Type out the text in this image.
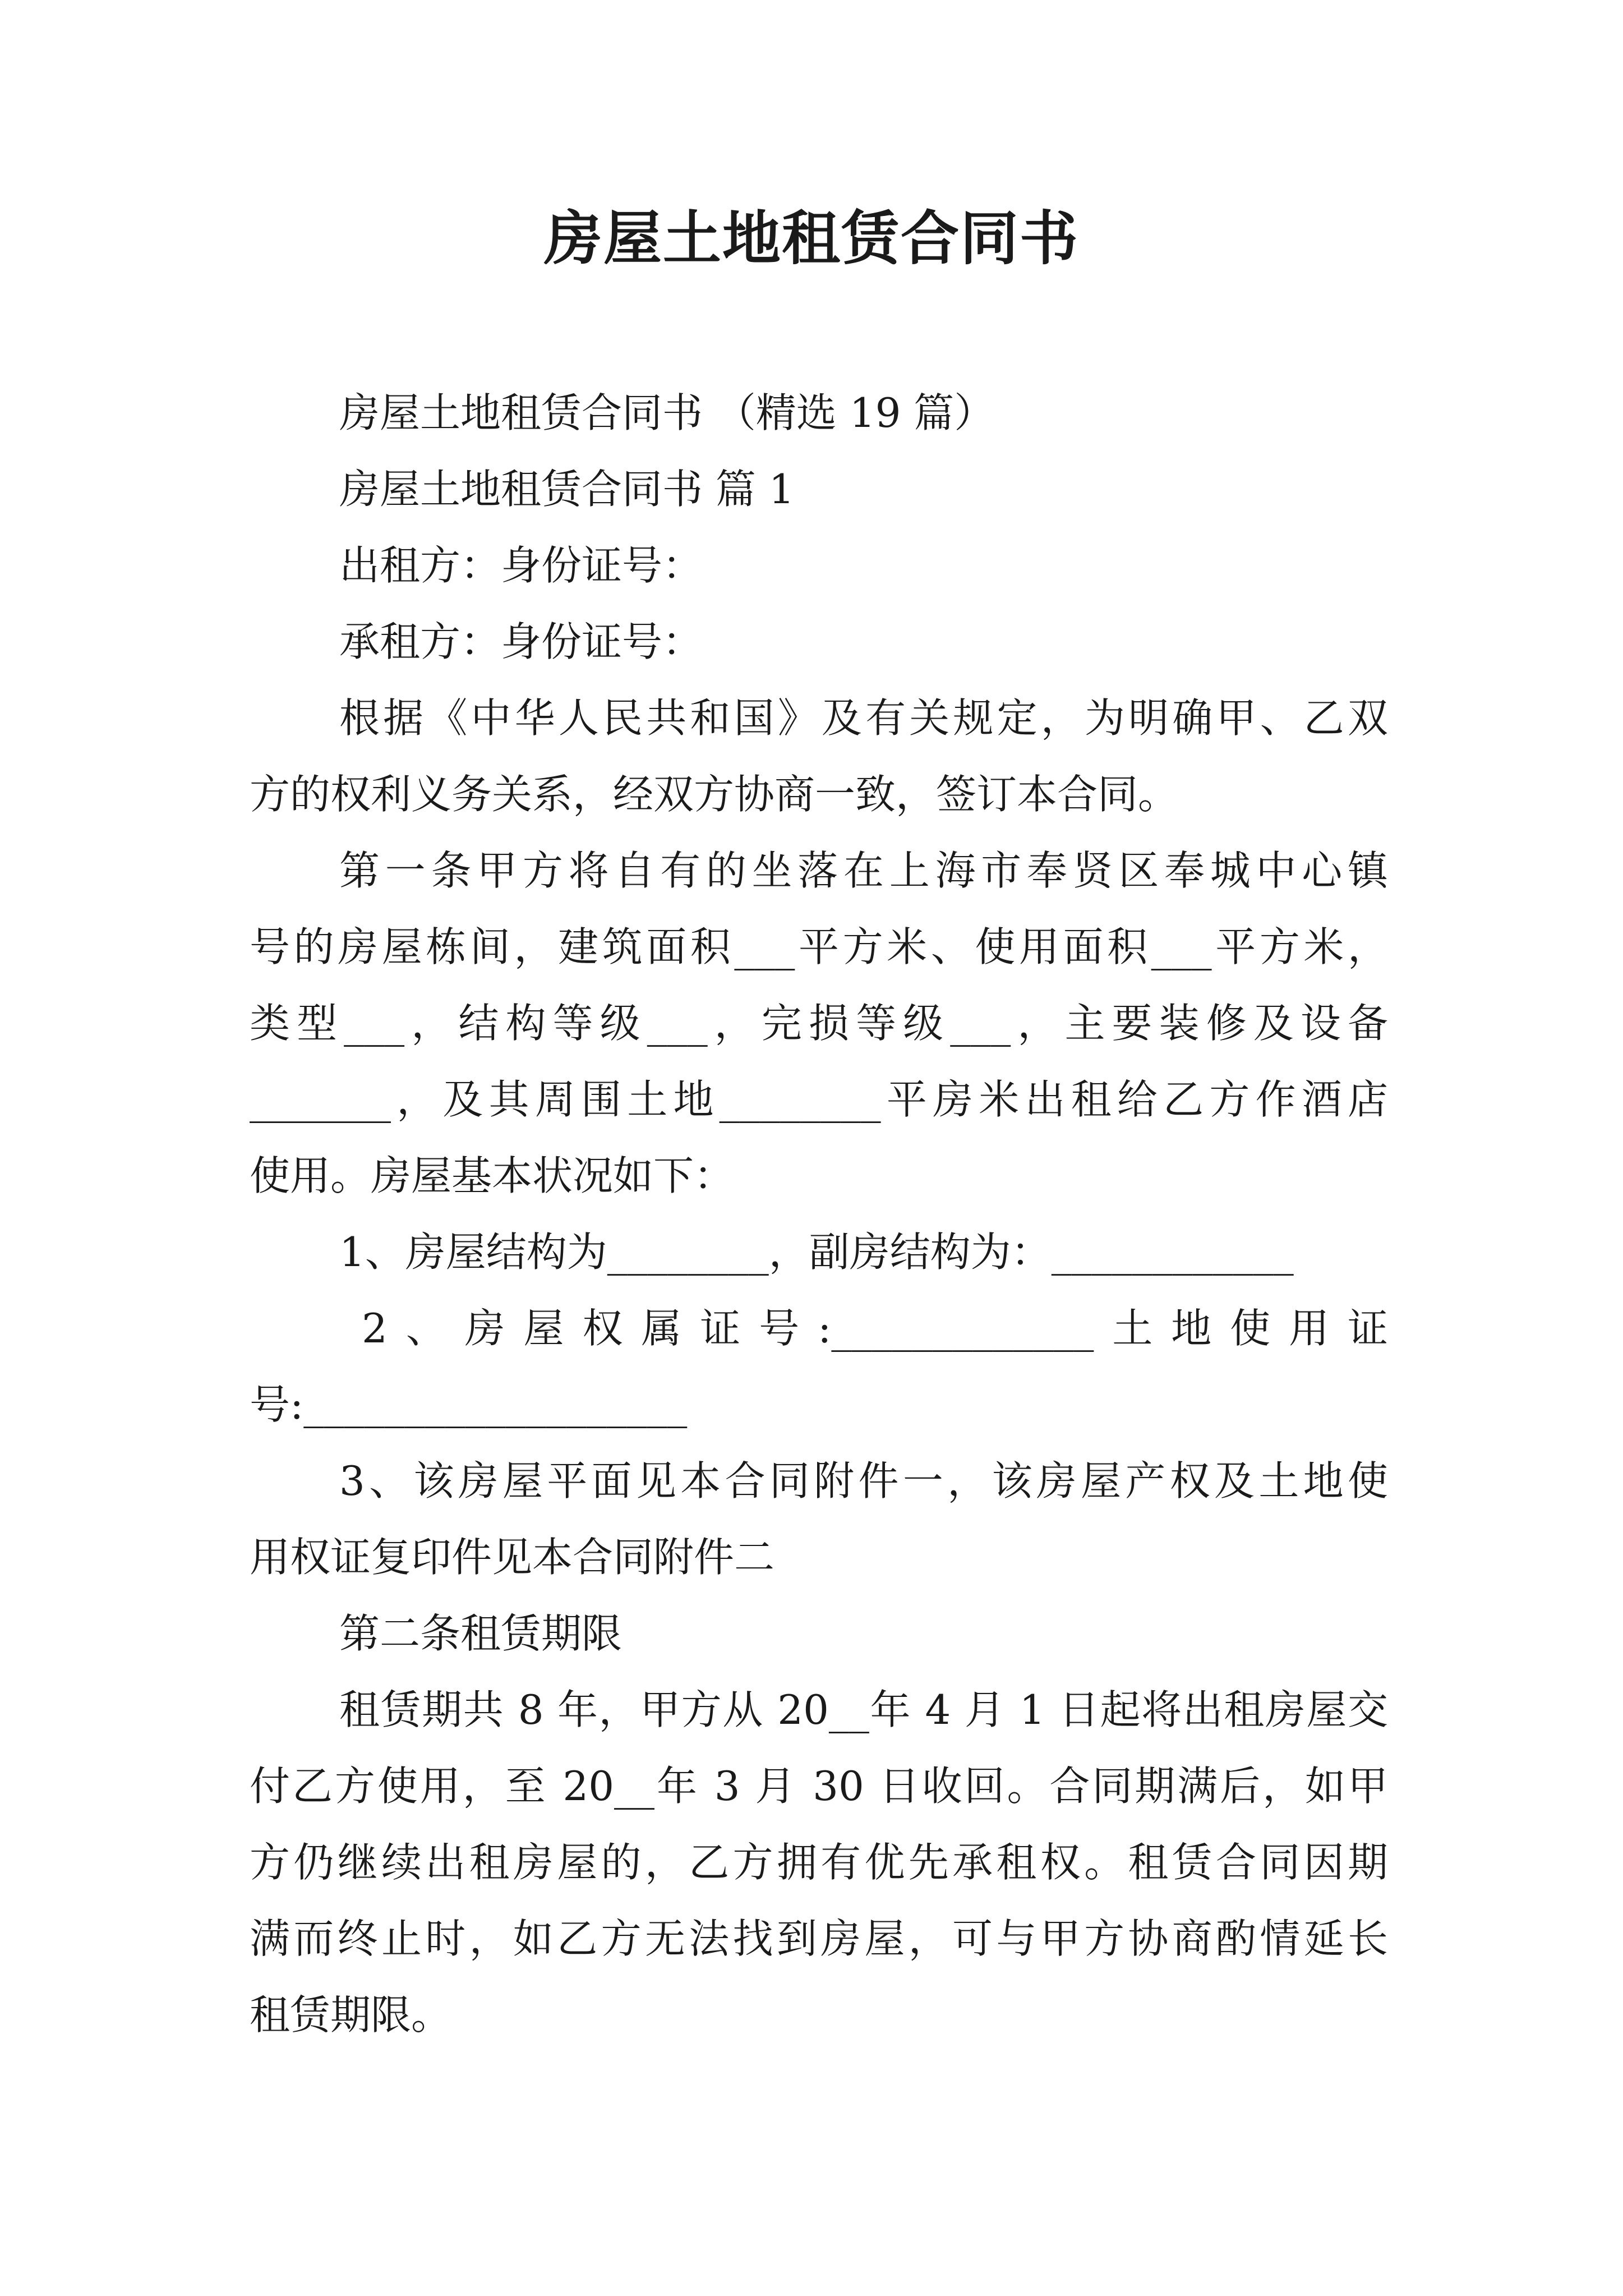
房屋土地租赁合同书
房屋土地租赁合同书 （精选 19 篇）
房屋土地租赁合同书 篇 1
出租方：身份证号：
承租方：身份证号：
根据《中华人民共和国》及有关规定，为明确甲、乙双
方的权利义务关系，经双方协商一致，签订本合同。
第一条甲方将自有的坐落在上海市奉贤区奉城中心镇
号的房屋栋间，建筑面积___平方米、使用面积___平方米，
类型___，结构等级___，完损等级___，主要装修及设备
_______，及其周围土地________平房米出租给乙方作酒店
使用。房屋基本状况如下：
1、房屋结构为________，副房结构为：____________
2、房屋权属证号:_____________土地使用证
号:___________________
3、该房屋平面见本合同附件一，该房屋产权及土地使
用权证复印件见本合同附件二
第二条租赁期限
租赁期共 8 年，甲方从 20__年 4 月 1 日起将出租房屋交
付乙方使用，至 20__年 3 月 30 日收回。合同期满后，如甲
方仍继续出租房屋的，乙方拥有优先承租权。租赁合同因期
满而终止时，如乙方无法找到房屋，可与甲方协商酌情延长
租赁期限。
